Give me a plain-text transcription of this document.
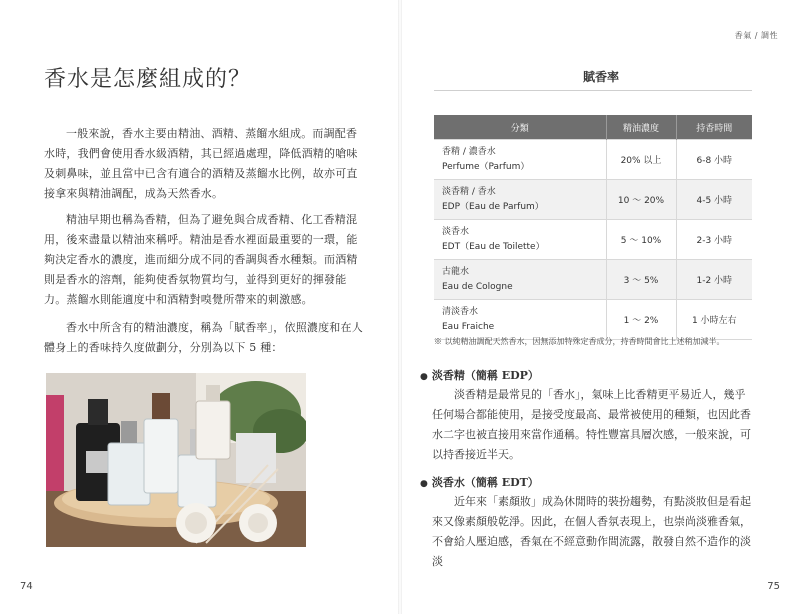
香水是怎麼組成的？

一般來說，香水主要由精油、酒精、蒸餾水組成。而調配香水時，我們會使用香水級酒精，其已經過處理，降低酒精的嗆味及刺鼻味，並且當中已含有適合的酒精及蒸餾水比例，故亦可直接拿來與精油調配，成為天然香水。

精油早期也稱為香精，但為了避免與合成香精、化工香精混用，後來盡量以精油來稱呼。精油是香水裡面最重要的一環，能夠決定香水的濃度，進而細分成不同的香調與香水種類。而酒精則是香水的溶劑，能夠使香氛物質均勻，並得到更好的揮發能力。蒸餾水則能適度中和酒精對嗅覺所帶來的刺激感。

香水中所含有的精油濃度，稱為「賦香率」，依照濃度和在人體身上的香味持久度做劃分，分別為以下 5 種：

74
香氣 / 調性
賦香率
分類	精油濃度	持香時間
香精 / 濃香水
Perfume（Parfum）	20% 以上	6-8 小時
淡香精 / 香水
EDP（Eau de Parfum）	10 ～ 20%	4-5 小時
淡香水
EDT（Eau de Toilette）	5 ～ 10%	2-3 小時
古龍水
Eau de Cologne	3 ～ 5%	1-2 小時
清淡香水
Eau Fraiche	1 ～ 2%	1 小時左右
※ 以純精油調配天然香水，因無添加特殊定香成分，持香時間會比上述稍加減半。
● 淡香精（簡稱 EDP）

淡香精是最常見的「香水」，氣味上比香精更平易近人，幾乎任何場合都能使用，是接受度最高、最常被使用的種類，也因此香水二字也被直接用來當作通稱。特性豐富具層次感，一般來說，可以持香接近半天。

● 淡香水（簡稱 EDT）

近年來「素顏妝」成為休閒時的裝扮趨勢，有點淡妝但是看起來又像素顏般乾淨。因此，在個人香氛表現上，也崇尚淡雅香氣，不會給人壓迫感，香氣在不經意動作間流露，散發自然不造作的淡淡

75
